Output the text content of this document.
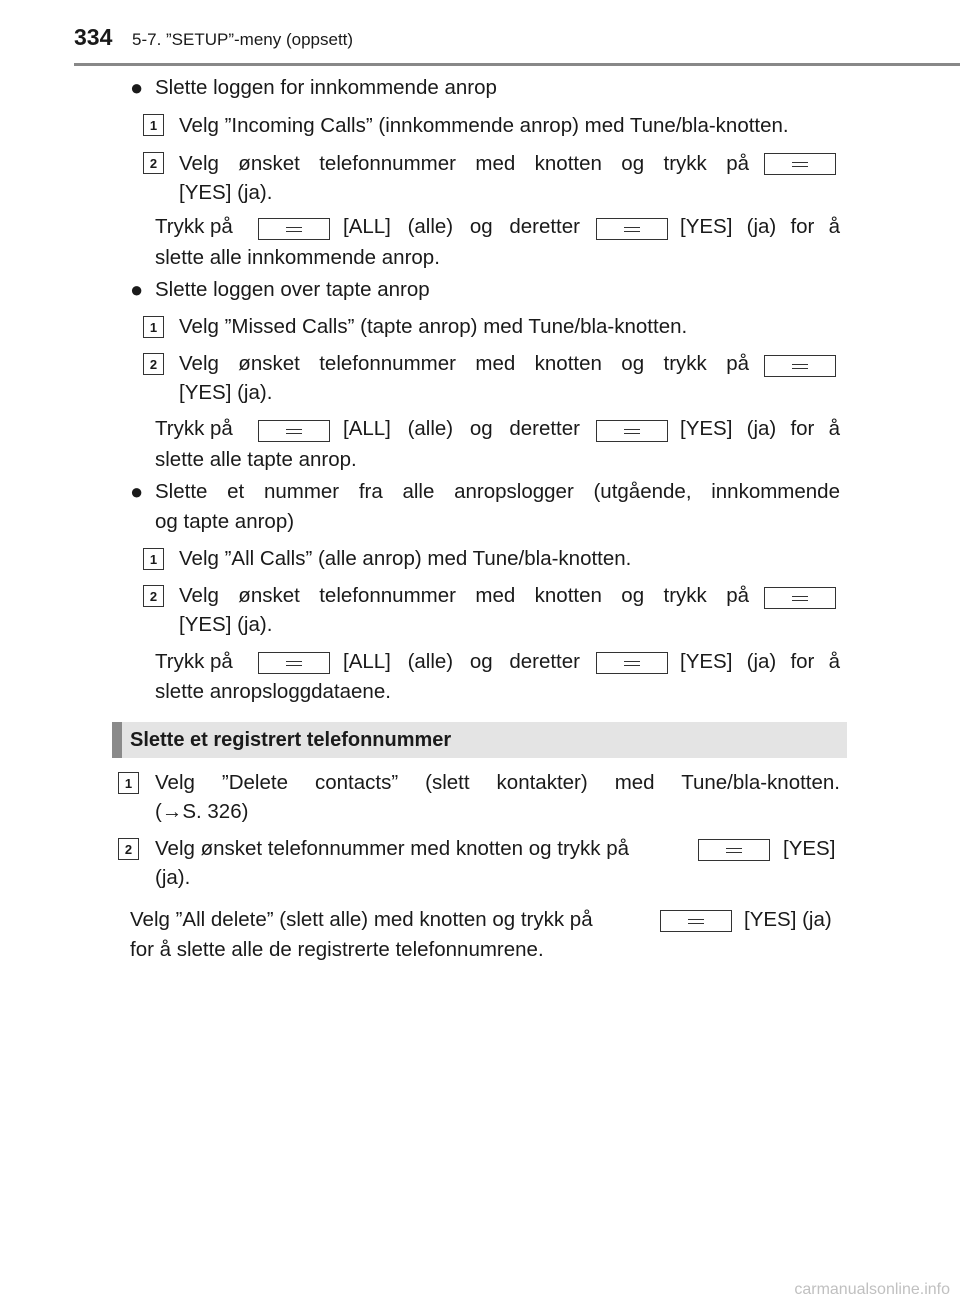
334 5-7. ”SETUP”-meny (oppsett)
● Slette loggen for innkommende anrop
1	Velg ”Incoming Calls” (innkommende anrop) med Tune/bla-knotten.
2	Velg ønsket telefonnummer med knotten og trykk på
[YES] (ja).
Trykk på	[ALL] (alle) og deretter	[YES] (ja) for å
slette alle innkommende anrop.
● Slette loggen over tapte anrop
1	Velg ”Missed Calls” (tapte anrop) med Tune/bla-knotten.
2	Velg ønsket telefonnummer med knotten og trykk på
[YES] (ja).
Trykk på	[ALL] (alle) og deretter	[YES] (ja) for å
slette alle tapte anrop.
● Slette et nummer fra alle anropslogger (utgående, innkommende
og tapte anrop)
1	Velg ”All Calls” (alle anrop) med Tune/bla-knotten.
2	Velg ønsket telefonnummer med knotten og trykk på
[YES] (ja).
Trykk på	[ALL] (alle) og deretter	[YES] (ja) for å
slette anropsloggdataene.
Slette et registrert telefonnummer
1	Velg ”Delete contacts” (slett kontakter) med Tune/bla-knotten.
(→S. 326)
2	Velg ønsket telefonnummer med knotten og trykk på	[YES]
(ja).
Velg ”All delete” (slett alle) med knotten og trykk på	[YES] (ja)
for å slette alle de registrerte telefonnumrene.
carmanualsonline.info
